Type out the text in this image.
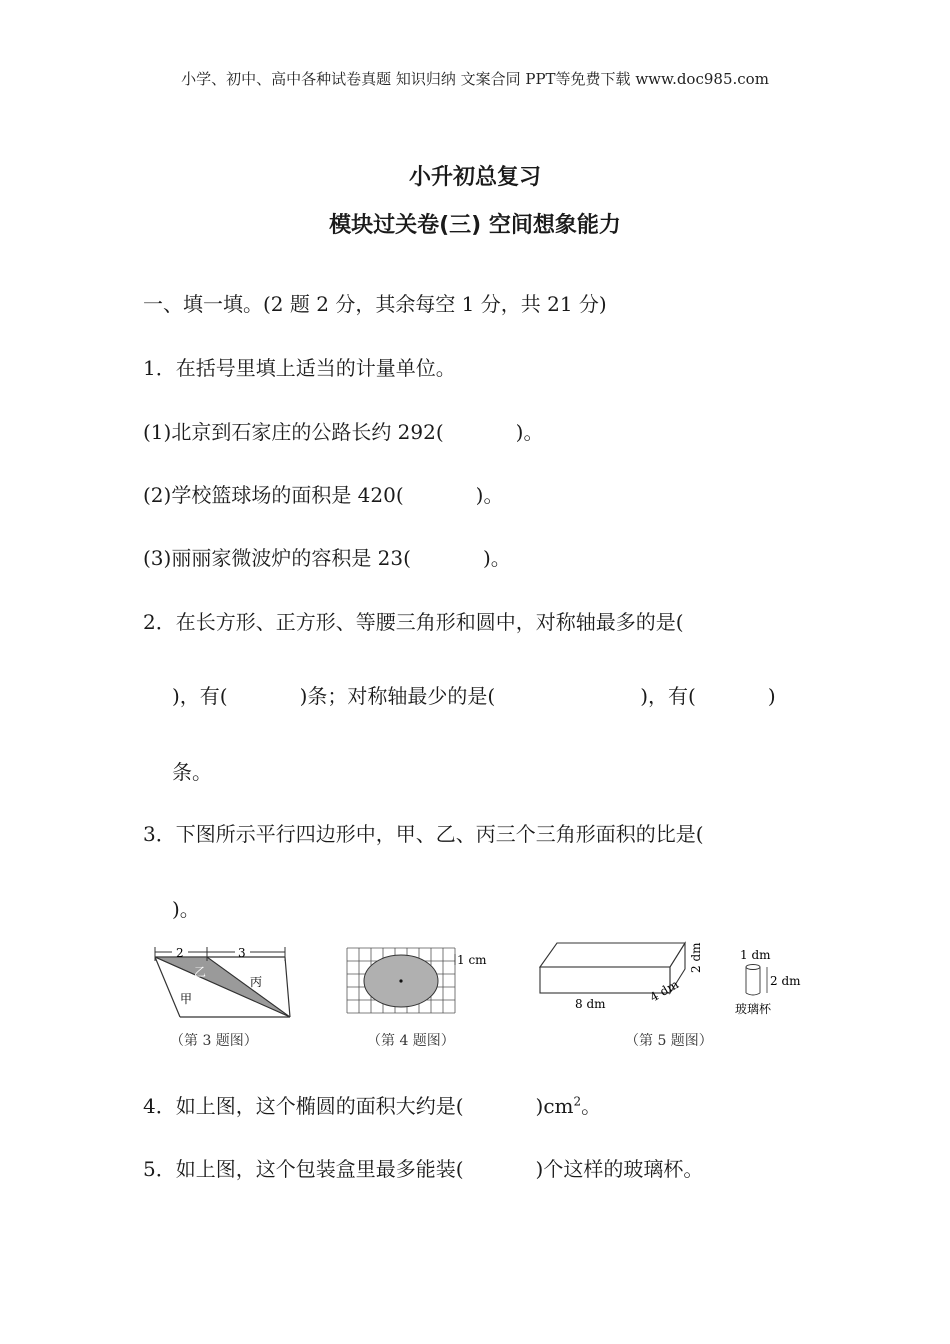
小学、初中、高中各种试卷真题 知识归纳 文案合同 PPT等免费下载 www.doc985.com
小升初总复习
模块过关卷(三) 空间想象能力
一、填一填。(2 题 2 分，其余每空 1 分，共 21 分)
1．在括号里填上适当的计量单位。
(1)北京到石家庄的公路长约 292(	)。
(2)学校篮球场的面积是 420(	)。
(3)丽丽家微波炉的容积是 23(	)。
2．在长方形、正方形、等腰三角形和圆中，对称轴最多的是(
)，有(	)条；对称轴最少的是(	)，有(	)
条。
3．下图所示平行四边形中，甲、乙、丙三个三角形面积的比是(
)。
2	3
乙
丙
甲
（第 3 题图）
1 cm
（第 4 题图）
8 dm	4 dm
2 dm	1 dm
2 dm
玻璃杯
（第 5 题图）
4．如上图，这个椭圆的面积大约是(	)$cm^2$。
5．如上图，这个包装盒里最多能装(	)个这样的玻璃杯。
